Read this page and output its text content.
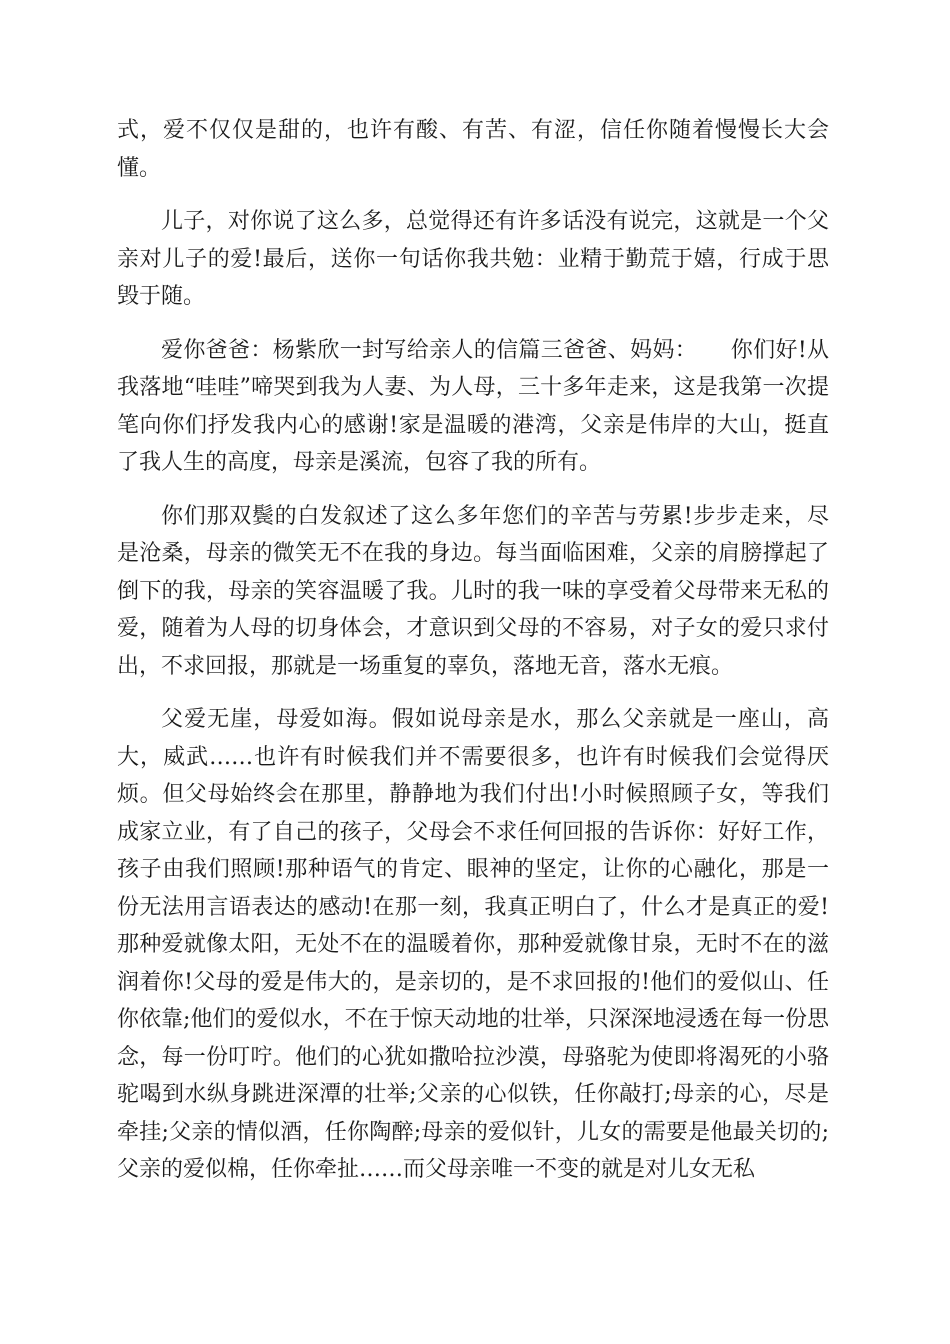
式，爱不仅仅是甜的，也许有酸、有苦、有涩，信任你随着慢慢长大会懂。

儿子，对你说了这么多，总觉得还有许多话没有说完，这就是一个父亲对儿子的爱!最后，送你一句话你我共勉：业精于勤荒于嬉，行成于思毁于随。

爱你爸爸：杨紫欣一封写给亲人的信篇三爸爸、妈妈：　　你们好!从我落地“哇哇”啼哭到我为人妻、为人母，三十多年走来，这是我第一次提笔向你们抒发我内心的感谢!家是温暖的港湾，父亲是伟岸的大山，挺直了我人生的高度，母亲是溪流，包容了我的所有。

你们那双鬓的白发叙述了这么多年您们的辛苦与劳累!步步走来，尽是沧桑，母亲的微笑无不在我的身边。每当面临困难，父亲的肩膀撑起了倒下的我，母亲的笑容温暖了我。儿时的我一味的享受着父母带来无私的爱，随着为人母的切身体会，才意识到父母的不容易，对子女的爱只求付出，不求回报，那就是一场重复的辜负，落地无音，落水无痕。

父爱无崖，母爱如海。假如说母亲是水，那么父亲就是一座山，高大，威武……也许有时候我们并不需要很多，也许有时候我们会觉得厌烦。但父母始终会在那里，静静地为我们付出!小时候照顾子女，等我们成家立业，有了自己的孩子，父母会不求任何回报的告诉你：好好工作，孩子由我们照顾!那种语气的肯定、眼神的坚定，让你的心融化，那是一份无法用言语表达的感动!在那一刻，我真正明白了，什么才是真正的爱!那种爱就像太阳，无处不在的温暖着你，那种爱就像甘泉，无时不在的滋润着你!父母的爱是伟大的，是亲切的，是不求回报的!他们的爱似山、任你依靠;他们的爱似水，不在于惊天动地的壮举，只深深地浸透在每一份思念，每一份叮咛。他们的心犹如撒哈拉沙漠，母骆驼为使即将渴死的小骆驼喝到水纵身跳进深潭的壮举;父亲的心似铁，任你敲打;母亲的心，尽是牵挂;父亲的情似酒，任你陶醉;母亲的爱似针，儿女的需要是他最关切的;　父亲的爱似棉，任你牵扯……而父母亲唯一不变的就是对儿女无私
